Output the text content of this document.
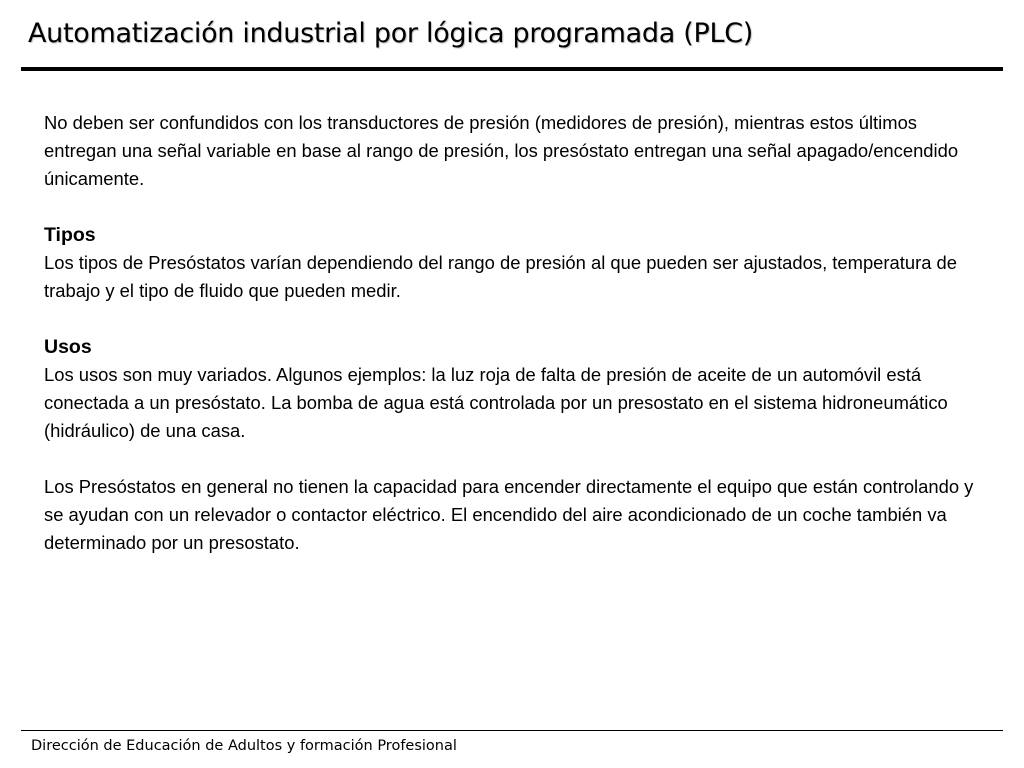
Automatización industrial por lógica programada (PLC)

No deben ser confundidos con los transductores de presión (medidores de presión), mientras estos últimos entregan una señal variable en base al rango de presión, los presóstato entregan una señal apagado/encendido únicamente.

Tipos

Los tipos de Presóstatos varían dependiendo del rango de presión al que pueden ser ajustados, temperatura de trabajo y el tipo de fluido que pueden medir.

Usos

Los usos son muy variados. Algunos ejemplos: la luz roja de falta de presión de aceite de un automóvil está conectada a un presóstato. La bomba de agua está controlada por un presostato en el sistema hidroneumático (hidráulico) de una casa.

Los Presóstatos en general no tienen la capacidad para encender directamente el equipo que están controlando y se ayudan con un relevador o contactor eléctrico. El encendido del aire acondicionado de un coche también va determinado por un presostato.

Dirección de Educación de Adultos y formación Profesional
